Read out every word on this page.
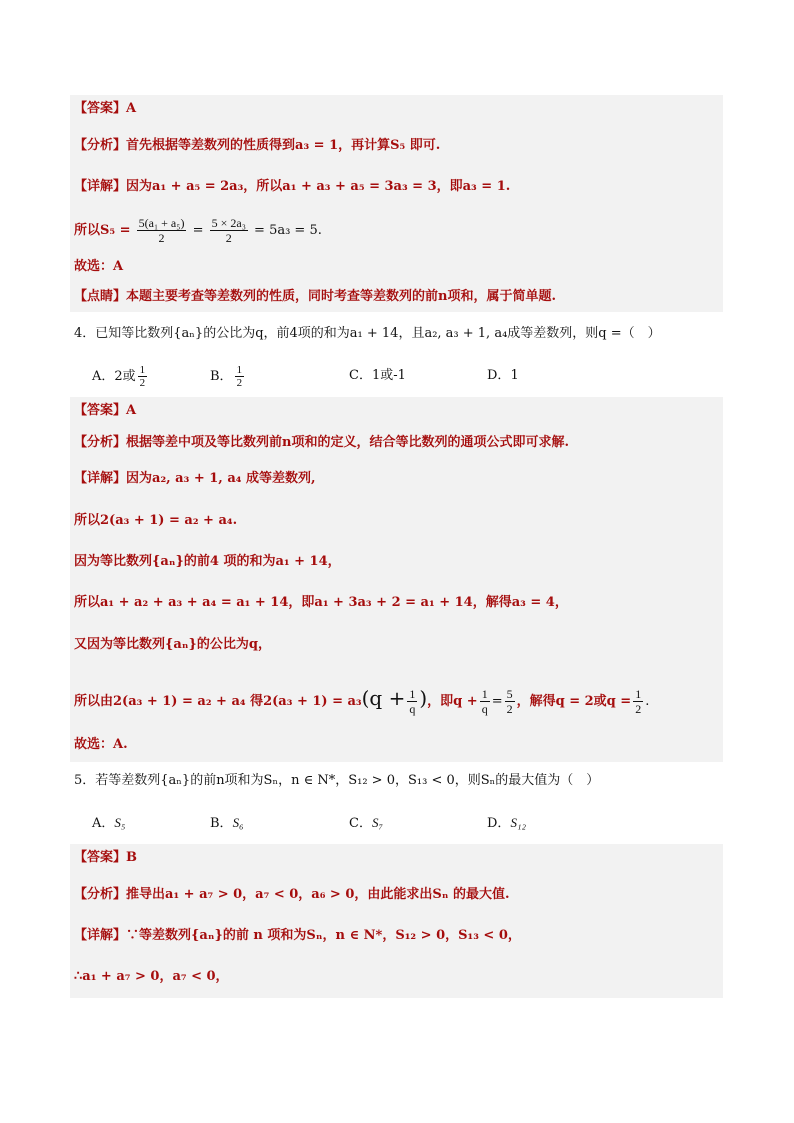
【答案】A
【分析】首先根据等差数列的性质得到a₃ = 1，再计算S₅ 即可.
【详解】因为a₁ + a₅ = 2a₃，所以a₁ + a₃ + a₅ = 3a₃ = 3，即a₃ = 1.
所以$S_5 = \frac{\text{5(a₁ + a₅)}}{2} = \frac{\text{5 × 2a₃}}{2} = 5a_3 = 5$.
故选：A
【点睛】本题主要考查等差数列的性质，同时考查等差数列的前n项和，属于简单题.
4．已知等比数列{aₙ}的公比为q，前4项的和为a₁ + 14，且a₂, a₃ + 1, a₄成等差数列，则q =（　）
A．2或 $\frac{1}{2}$	B． $\frac{1}{2}$	C．1或-1	D．1
【答案】A
【分析】根据等差中项及等比数列前n项和的定义，结合等比数列的通项公式即可求解.
【详解】因为a₂, a₃ + 1, a₄ 成等差数列,
所以2(a₃ + 1) = a₂ + a₄.
因为等比数列{aₙ}的前4 项的和为a₁ + 14，
所以a₁ + a₂ + a₃ + a₄ = a₁ + 14，即a₁ + 3a₃ + 2 = a₁ + 14，解得a₃ = 4，
又因为等比数列{aₙ}的公比为q，
所以由2(a₃ + 1) = a₂ + a₄ 得$2(a_3 + 1) = a_3(q + \frac{1}{q}$ )，即$q + \frac{1}{q} = \frac{5}{2}$ ，解得q = 2或$q = \frac{1}{2}$ .
故选：A.
5．若等差数列{aₙ}的前n项和为Sₙ，n ∈ N*，S₁₂ > 0，S₁₃ < 0，则Sₙ的最大值为（　）
A．S₅	B．S₆	C．S₇	D．S₁₂
【答案】B
【分析】推导出a₁ + a₇ > 0，a₇ < 0，a₆ > 0，由此能求出Sₙ 的最大值.
【详解】∵等差数列{aₙ}的前 n 项和为Sₙ，n ∈ N*，S₁₂ > 0，S₁₃ < 0，
∴a₁ + a₇ > 0，a₇ < 0，
